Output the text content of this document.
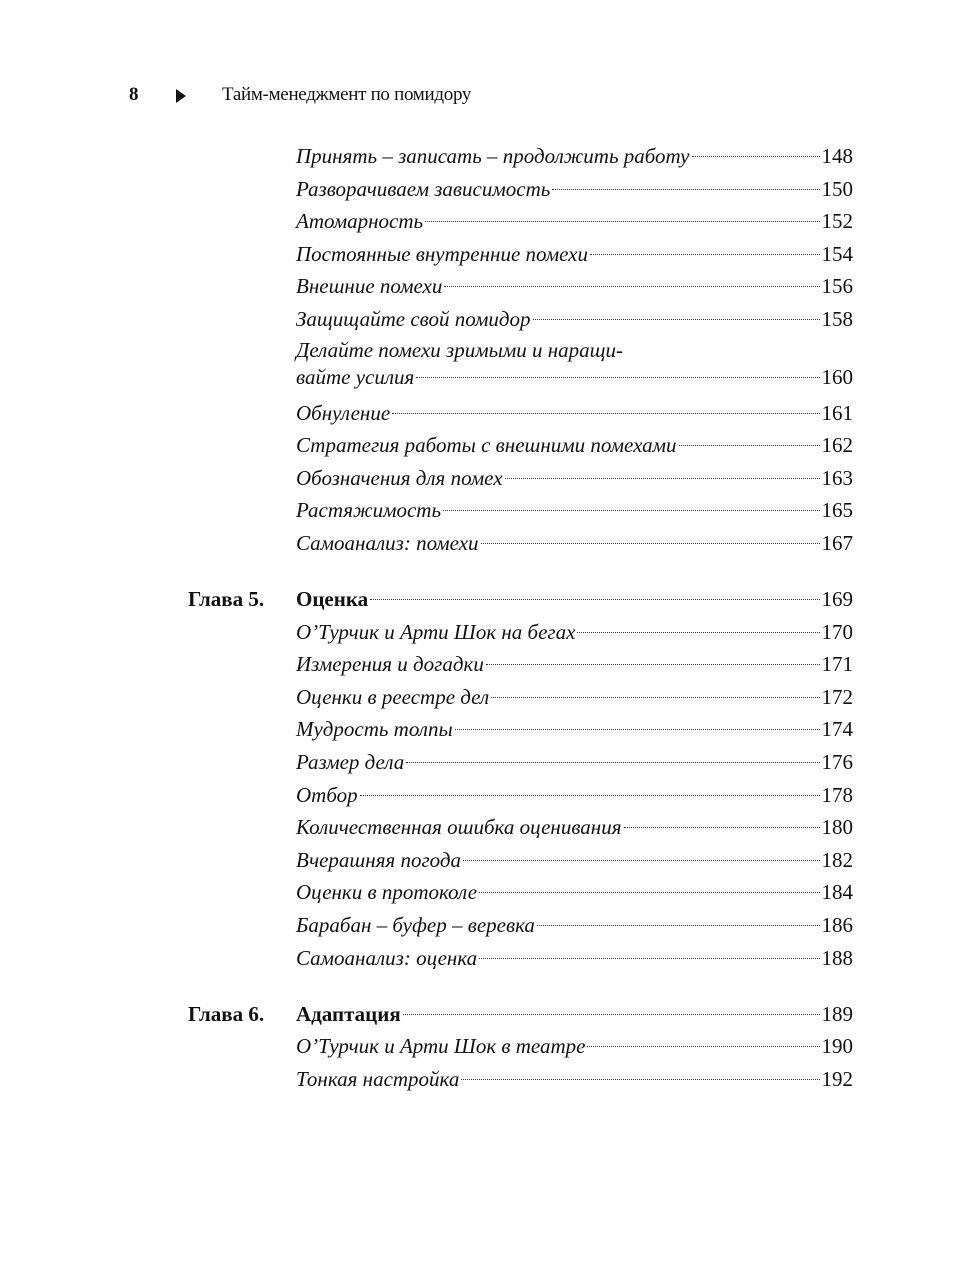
8	Тайм-менеджмент по помидору
Принять – записать – продолжить работу	148
Разворачиваем зависимость	150
Атомарность	152
Постоянные внутренние помехи	154
Внешние помехи	156
Защищайте свой помидор	158
Делайте помехи зримыми и наращи-
вайте усилия	160
Обнуление	161
Стратегия работы с внешними помехами	162
Обозначения для помех	163
Растяжимость	165
Самоанализ: помехи	167
Глава 5. Оценка	169
О’Турчик и Арти Шок на бегах	170
Измерения и догадки	171
Оценки в реестре дел	172
Мудрость толпы	174
Размер дела	176
Отбор	178
Количественная ошибка оценивания	180
Вчерашняя погода	182
Оценки в протоколе	184
Барабан – буфер – веревка	186
Самоанализ: оценка	188
Глава 6. Адаптация	189
О’Турчик и Арти Шок в театре	190
Тонкая настройка	192
